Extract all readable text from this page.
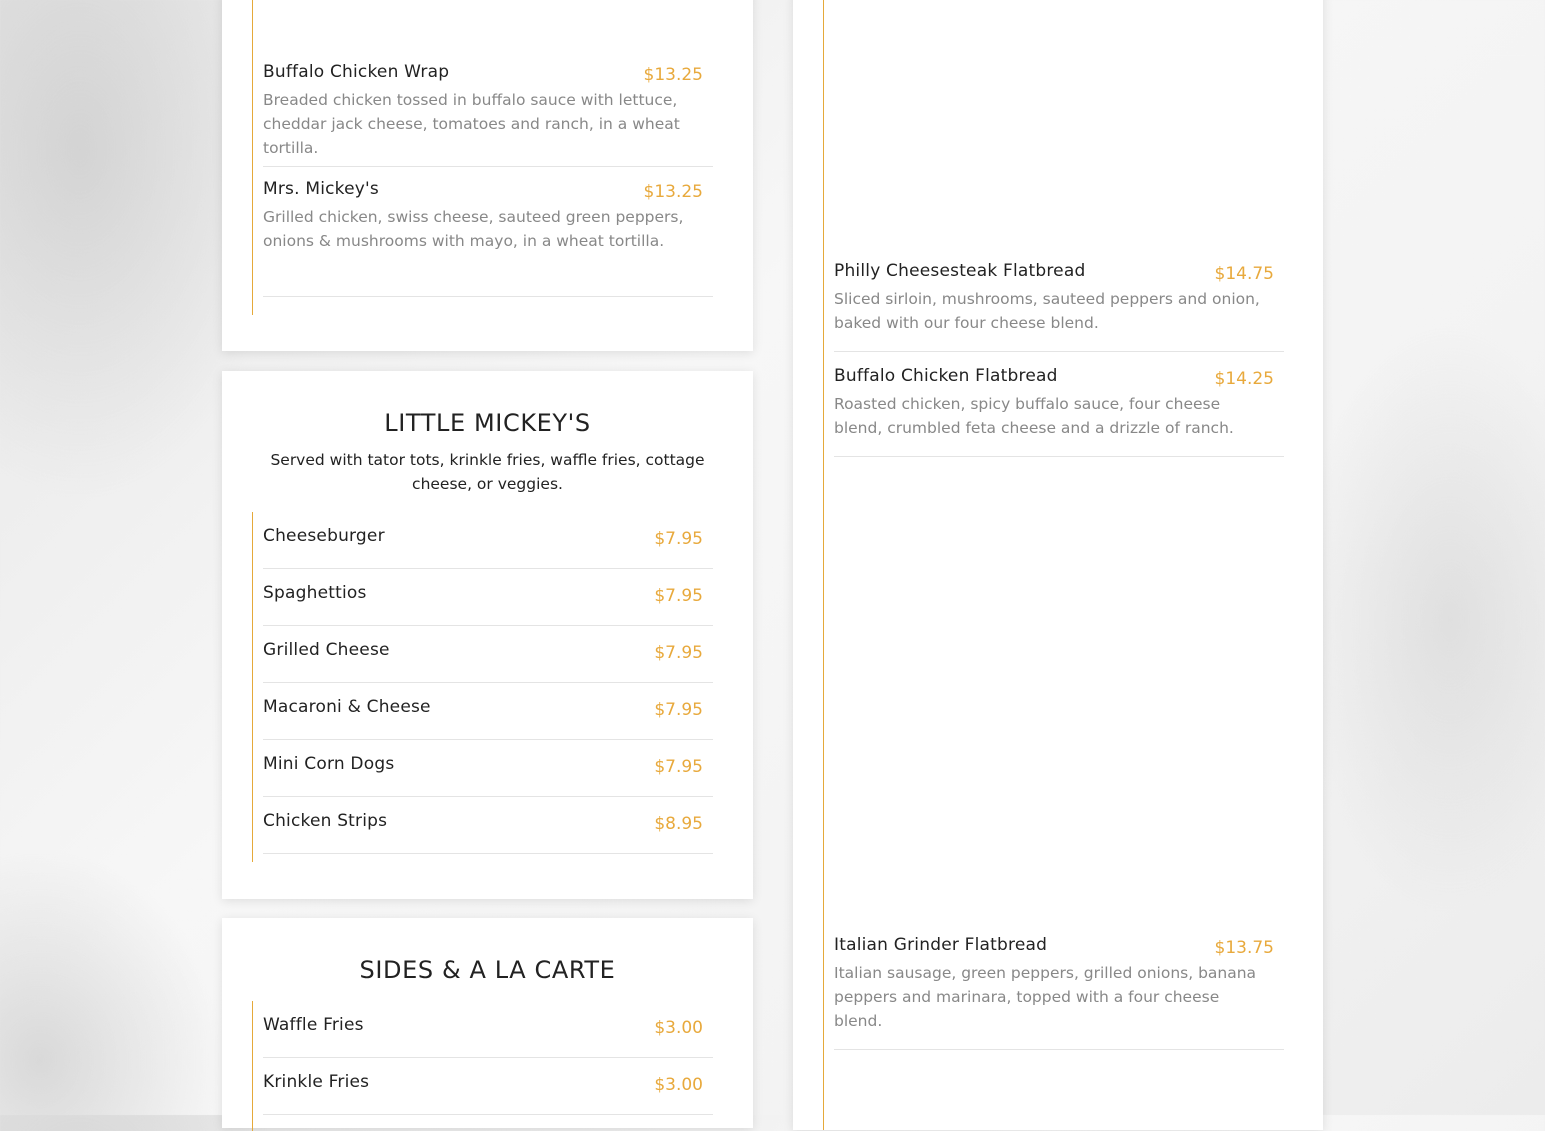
Buffalo Chicken Wrap	$13.25
Breaded chicken tossed in buffalo sauce with lettuce, cheddar jack cheese, tomatoes and ranch, in a wheat tortilla.
Mrs. Mickey's	$13.25
Grilled chicken, swiss cheese, sauteed green peppers, onions & mushrooms with mayo, in a wheat tortilla.
LITTLE MICKEY'S
Served with tator tots, krinkle fries, waffle fries, cottage cheese, or veggies.
Cheeseburger	$7.95
Spaghettios	$7.95
Grilled Cheese	$7.95
Macaroni & Cheese	$7.95
Mini Corn Dogs	$7.95
Chicken Strips	$8.95
SIDES & A LA CARTE
Waffle Fries	$3.00
Krinkle Fries	$3.00
Philly Cheesesteak Flatbread	$14.75
Sliced sirloin, mushrooms, sauteed peppers and onion, baked with our four cheese blend.
Buffalo Chicken Flatbread	$14.25
Roasted chicken, spicy buffalo sauce, four cheese blend, crumbled feta cheese and a drizzle of ranch.
Italian Grinder Flatbread	$13.75
Italian sausage, green peppers, grilled onions, banana peppers and marinara, topped with a four cheese blend.
